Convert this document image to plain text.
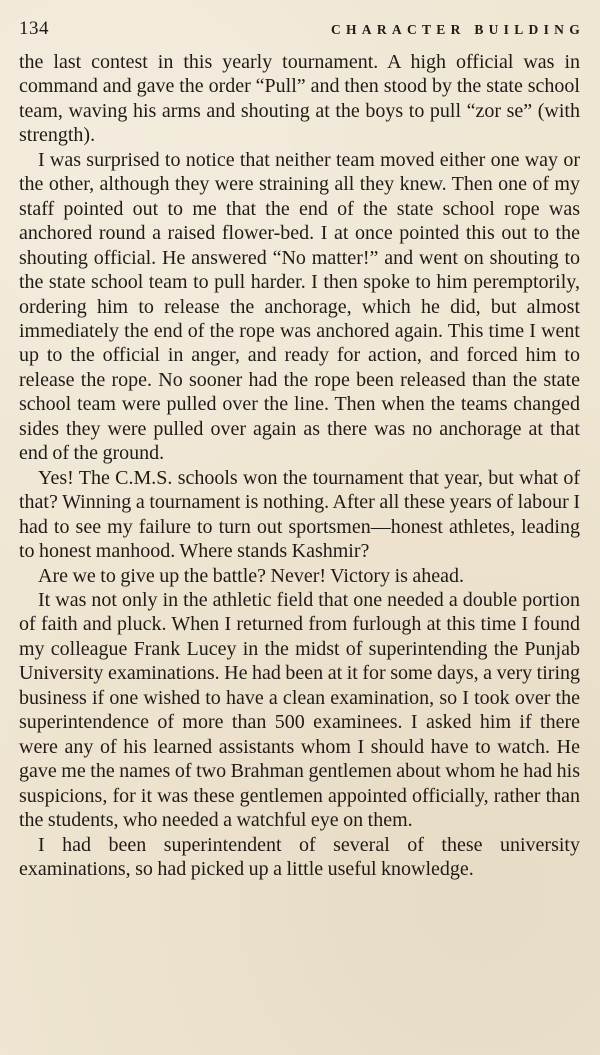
134	CHARACTER BUILDING

the last contest in this yearly tournament. A high official was in command and gave the order “Pull” and then stood by the state school team, waving his arms and shouting at the boys to pull “zor se” (with strength).

I was surprised to notice that neither team moved either one way or the other, although they were straining all they knew. Then one of my staff pointed out to me that the end of the state school rope was anchored round a raised flower-bed. I at once pointed this out to the shouting official. He answered “No matter!” and went on shouting to the state school team to pull harder. I then spoke to him peremptorily, ordering him to release the anchorage, which he did, but almost immediately the end of the rope was anchored again. This time I went up to the official in anger, and ready for action, and forced him to release the rope. No sooner had the rope been released than the state school team were pulled over the line. Then when the teams changed sides they were pulled over again as there was no anchorage at that end of the ground.

Yes! The C.M.S. schools won the tournament that year, but what of that? Winning a tournament is nothing. After all these years of labour I had to see my failure to turn out sportsmen—honest athletes, leading to honest manhood. Where stands Kashmir?

Are we to give up the battle? Never! Victory is ahead.

It was not only in the athletic field that one needed a double portion of faith and pluck. When I returned from furlough at this time I found my colleague Frank Lucey in the midst of superintending the Punjab University examinations. He had been at it for some days, a very tiring business if one wished to have a clean examination, so I took over the superintendence of more than 500 examinees. I asked him if there were any of his learned assistants whom I should have to watch. He gave me the names of two Brahman gentlemen about whom he had his suspicions, for it was these gentlemen appointed officially, rather than the students, who needed a watchful eye on them.

I had been superintendent of several of these university examinations, so had picked up a little useful knowledge.
